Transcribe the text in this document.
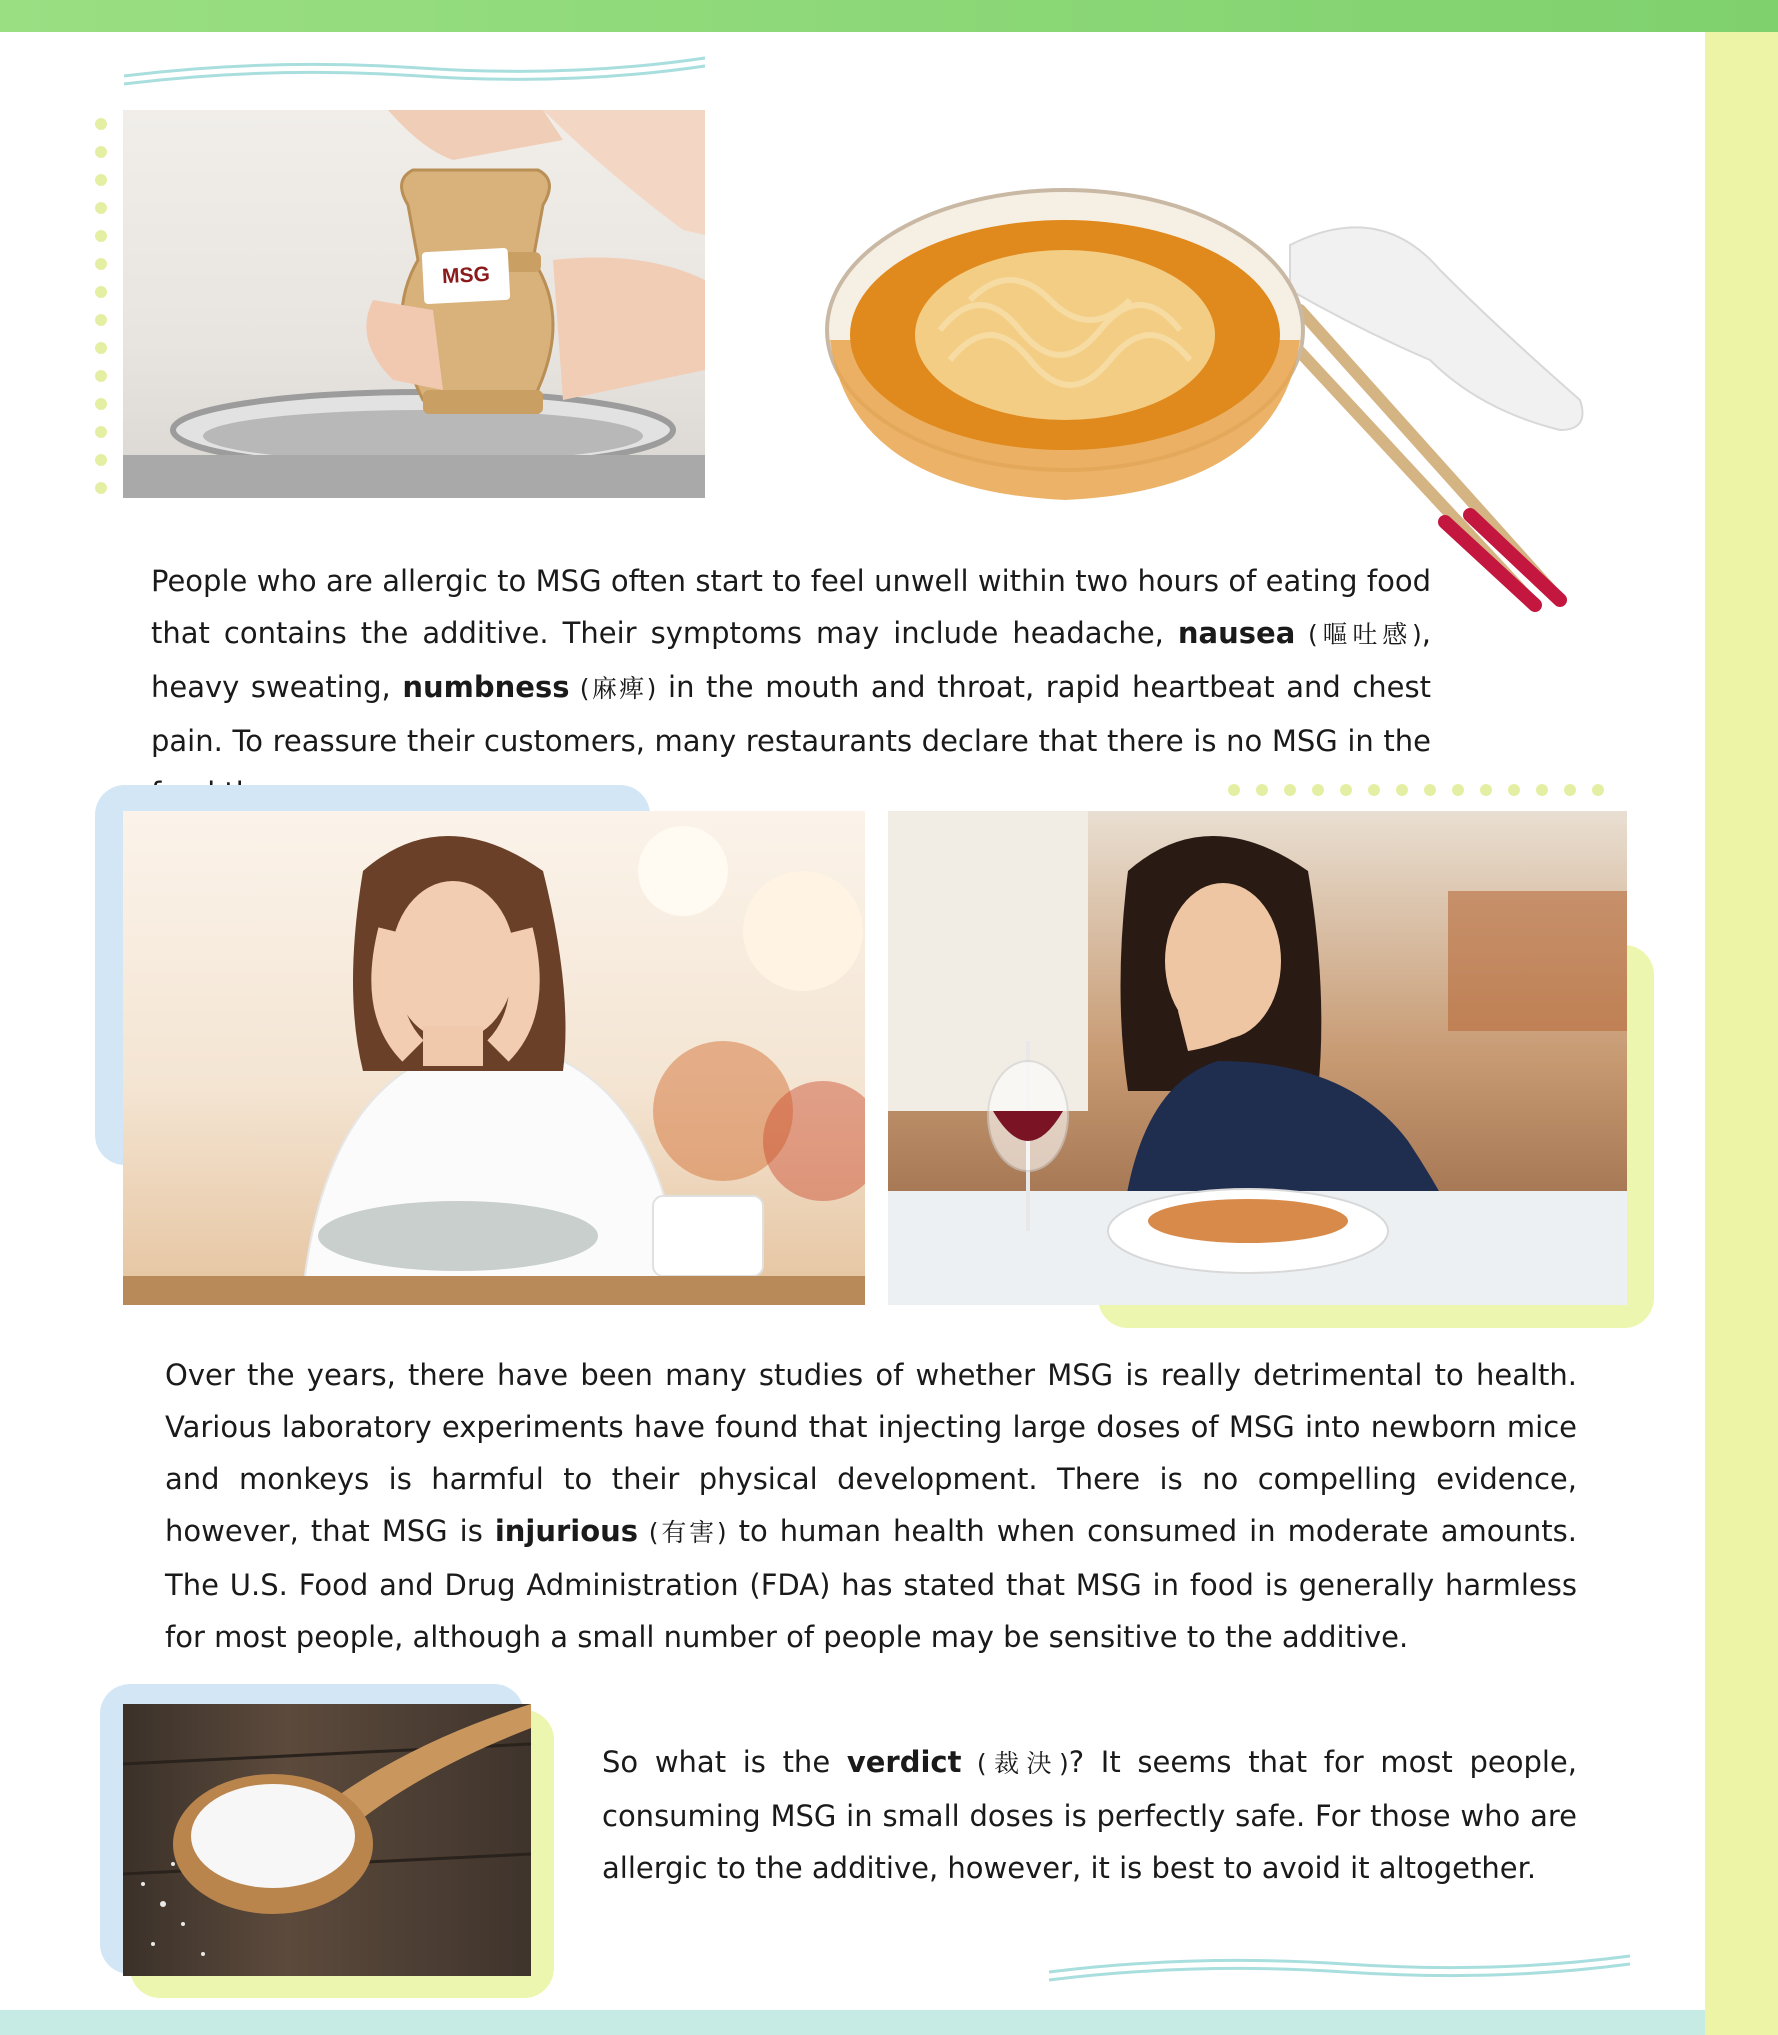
MSG

People who are allergic to MSG often start to feel unwell within two hours of eating food that contains the additive. Their symptoms may include headache, nausea (嘔吐感), heavy sweating, numbness (麻痺) in the mouth and throat, rapid heartbeat and chest pain. To reassure their customers, many restaurants declare that there is no MSG in the

Over the years, there have been many studies of whether MSG is really detrimental to health. Various laboratory experiments have found that injecting large doses of MSG into newborn mice and monkeys is harmful to their physical development. There is no compelling evidence, however, that MSG is injurious (有害) to human health when consumed in moderate amounts. The U.S. Food and Drug Administration (FDA) has stated that MSG in food is generally harmless for most people, although a small number of people may be sensitive to the additive.

So what is the verdict (裁決)? It seems that for most people, consuming MSG in small doses is perfectly safe. For those who are allergic to the additive, however, it is best to avoid it altogether.
